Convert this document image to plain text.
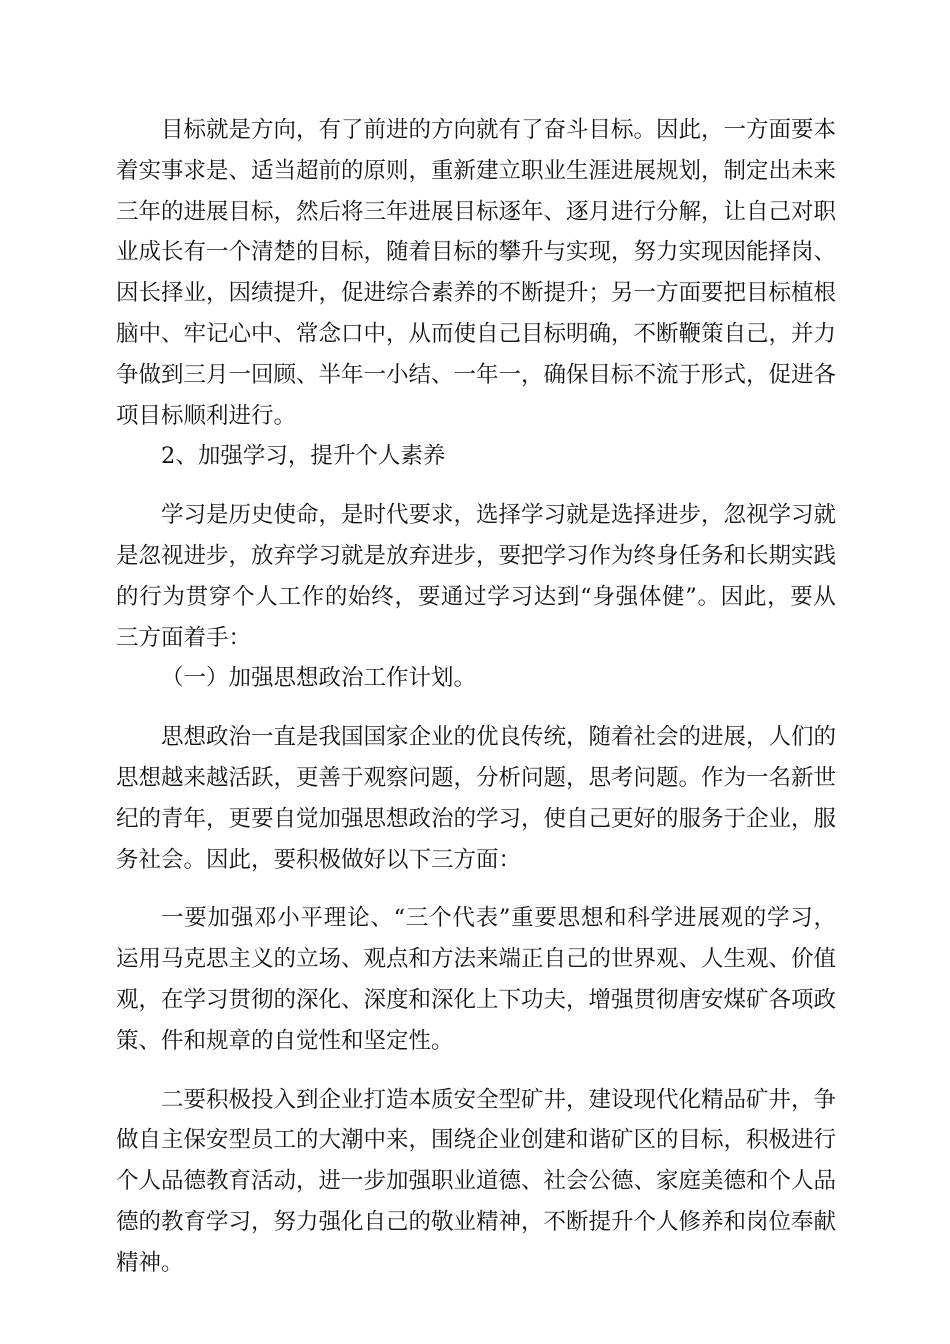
目标就是方向，有了前进的方向就有了奋斗目标。因此，一方面要本着实事求是、适当超前的原则，重新建立职业生涯进展规划，制定出未来三年的进展目标，然后将三年进展目标逐年、逐月进行分解，让自己对职业成长有一个清楚的目标，随着目标的攀升与实现，努力实现因能择岗、因长择业，因绩提升，促进综合素养的不断提升；另一方面要把目标植根脑中、牢记心中、常念口中，从而使自己目标明确，不断鞭策自己，并力争做到三月一回顾、半年一小结、一年一，确保目标不流于形式，促进各项目标顺利进行。

2、加强学习，提升个人素养

学习是历史使命，是时代要求，选择学习就是选择进步，忽视学习就是忽视进步，放弃学习就是放弃进步，要把学习作为终身任务和长期实践的行为贯穿个人工作的始终，要通过学习达到“身强体健”。因此，要从三方面着手：

（一）加强思想政治工作计划。

思想政治一直是我国国家企业的优良传统，随着社会的进展，人们的思想越来越活跃，更善于观察问题，分析问题，思考问题。作为一名新世纪的青年，更要自觉加强思想政治的学习，使自己更好的服务于企业，服务社会。因此，要积极做好以下三方面：

一要加强邓小平理论、“三个代表”重要思想和科学进展观的学习，运用马克思主义的立场、观点和方法来端正自己的世界观、人生观、价值观，在学习贯彻的深化、深度和深化上下功夫，增强贯彻唐安煤矿各项政策、件和规章的自觉性和坚定性。

二要积极投入到企业打造本质安全型矿井，建设现代化精品矿井，争做自主保安型员工的大潮中来，围绕企业创建和谐矿区的目标，积极进行个人品德教育活动，进一步加强职业道德、社会公德、家庭美德和个人品德的教育学习，努力强化自己的敬业精神，不断提升个人修养和岗位奉献精神。
